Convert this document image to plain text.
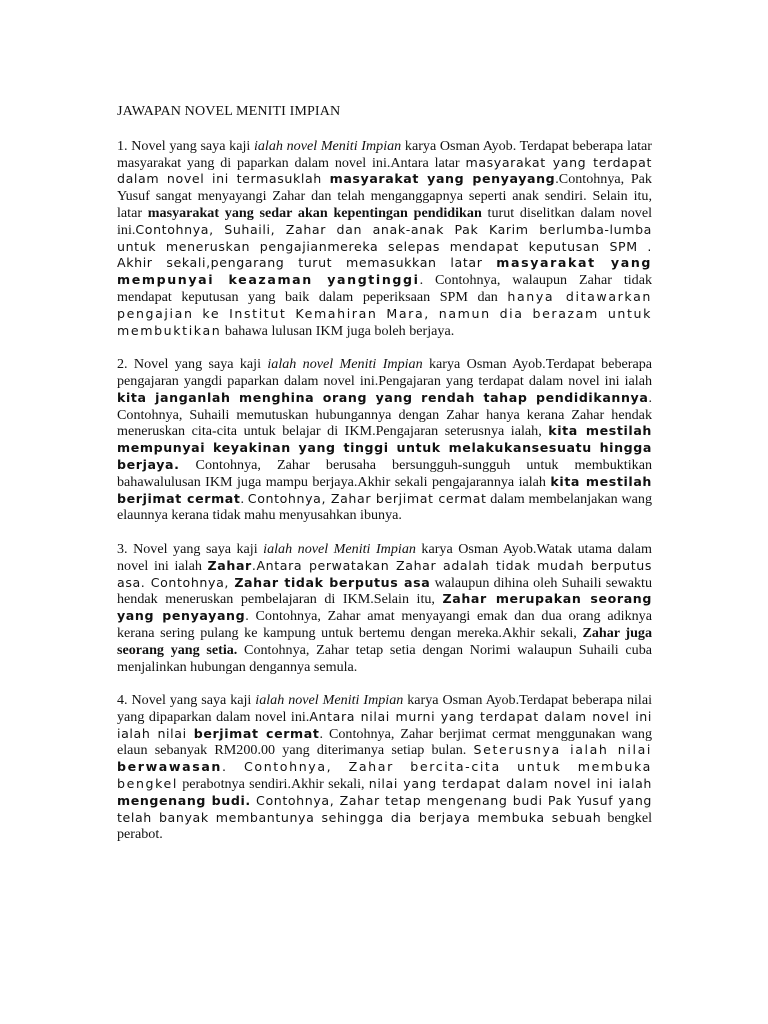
JAWAPAN NOVEL MENITI IMPIAN

1. Novel yang saya kaji ialah novel Meniti Impian karya Osman Ayob. Terdapat beberapa latar masyarakat yang di paparkan dalam novel ini.Antara latar masyarakat yang terdapat dalam novel ini termasuklah masyarakat yang penyayang.Contohnya, Pak Yusuf sangat menyayangi Zahar dan telah menganggapnya seperti anak sendiri. Selain itu, latar masyarakat yang sedar akan kepentingan pendidikan turut diselitkan dalam novel ini.Contohnya, Suhaili, Zahar dan anak-anak Pak Karim berlumba-lumba untuk meneruskan pengajianmereka selepas mendapat keputusan SPM . Akhir sekali,pengarang turut memasukkan latar masyarakat yang mempunyai keazaman yangtinggi. Contohnya, walaupun Zahar tidak mendapat keputusan yang baik dalam peperiksaan SPM dan hanya ditawarkan pengajian ke Institut Kemahiran Mara, namun dia berazam untuk membuktikan bahawa lulusan IKM juga boleh berjaya.

2. Novel yang saya kaji ialah novel Meniti Impian karya Osman Ayob.Terdapat beberapa pengajaran yangdi paparkan dalam novel ini.Pengajaran yang terdapat dalam novel ini ialah kita janganlah menghina orang yang rendah tahap pendidikannya. Contohnya, Suhaili memutuskan hubungannya dengan Zahar hanya kerana Zahar hendak meneruskan cita-cita untuk belajar di IKM.Pengajaran seterusnya ialah, kita mestilah mempunyai keyakinan yang tinggi untuk melakukansesuatu hingga berjaya. Contohnya, Zahar berusaha bersungguh-sungguh untuk membuktikan bahawalulusan IKM juga mampu berjaya.Akhir sekali pengajarannya ialah kita mestilah berjimat cermat. Contohnya, Zahar berjimat cermat dalam membelanjakan wang elaunnya kerana tidak mahu menyusahkan ibunya.

3. Novel yang saya kaji ialah novel Meniti Impian karya Osman Ayob.Watak utama dalam novel ini ialah Zahar.Antara perwatakan Zahar adalah tidak mudah berputus asa. Contohnya, Zahar tidak berputus asa walaupun dihina oleh Suhaili sewaktu hendak meneruskan pembelajaran di IKM.Selain itu, Zahar merupakan seorang yang penyayang. Contohnya, Zahar amat menyayangi emak dan dua orang adiknya kerana sering pulang ke kampung untuk bertemu dengan mereka.Akhir sekali, Zahar juga seorang yang setia. Contohnya, Zahar tetap setia dengan Norimi walaupun Suhaili cuba menjalinkan hubungan dengannya semula.

4. Novel yang saya kaji ialah novel Meniti Impian karya Osman Ayob.Terdapat beberapa nilai yang dipaparkan dalam novel ini.Antara nilai murni yang terdapat dalam novel ini ialah nilai berjimat cermat. Contohnya, Zahar berjimat cermat menggunakan wang elaun sebanyak RM200.00 yang diterimanya setiap bulan. Seterusnya ialah nilai berwawasan. Contohnya, Zahar bercita-cita untuk membuka bengkel perabotnya sendiri.Akhir sekali, nilai yang terdapat dalam novel ini ialah mengenang budi. Contohnya, Zahar tetap mengenang budi Pak Yusuf yang telah banyak membantunya sehingga dia berjaya membuka sebuah bengkel perabot.
